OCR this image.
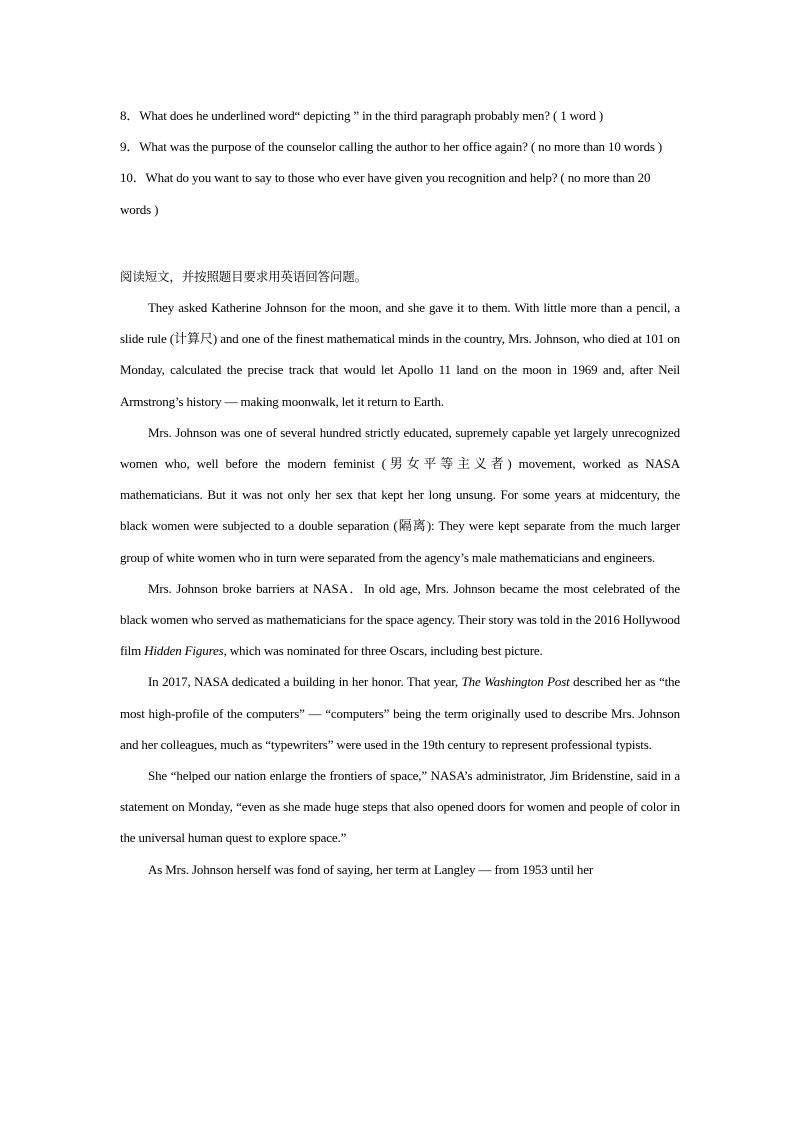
8．What does he underlined word“ depicting ” in the third paragraph probably men? ( 1 word )

9．What was the purpose of the counselor calling the author to her office again? ( no more than 10 words )

10．What do you want to say to those who ever have given you recognition and help? ( no more than 20 words )

阅读短文，并按照题目要求用英语回答问题。

They asked Katherine Johnson for the moon, and she gave it to them. With little more than a pencil, a slide rule (计算尺) and one of the finest mathematical minds in the country, Mrs. Johnson, who died at 101 on Monday, calculated the precise track that would let Apollo 11 land on the moon in 1969 and, after Neil Armstrong’s history — making moonwalk, let it return to Earth.

Mrs. Johnson was one of several hundred strictly educated, supremely capable yet largely unrecognized women who, well before the modern feminist (男女平等主义者) movement, worked as NASA mathematicians. But it was not only her sex that kept her long unsung. For some years at midcentury, the black women were subjected to a double separation (隔离): They were kept separate from the much larger group of white women who in turn were separated from the agency’s male mathematicians and engineers.

Mrs. Johnson broke barriers at NASA．In old age, Mrs. Johnson became the most celebrated of the black women who served as mathematicians for the space agency. Their story was told in the 2016 Hollywood film Hidden Figures, which was nominated for three Oscars, including best picture.

In 2017, NASA dedicated a building in her honor. That year, The Washington Post described her as “the most high-profile of the computers” — “computers” being the term originally used to describe Mrs. Johnson and her colleagues, much as “typewriters” were used in the 19th century to represent professional typists.

She “helped our nation enlarge the frontiers of space,” NASA’s administrator, Jim Bridenstine, said in a statement on Monday, “even as she made huge steps that also opened doors for women and people of color in the universal human quest to explore space.”

As Mrs. Johnson herself was fond of saying, her term at Langley — from 1953 until her
